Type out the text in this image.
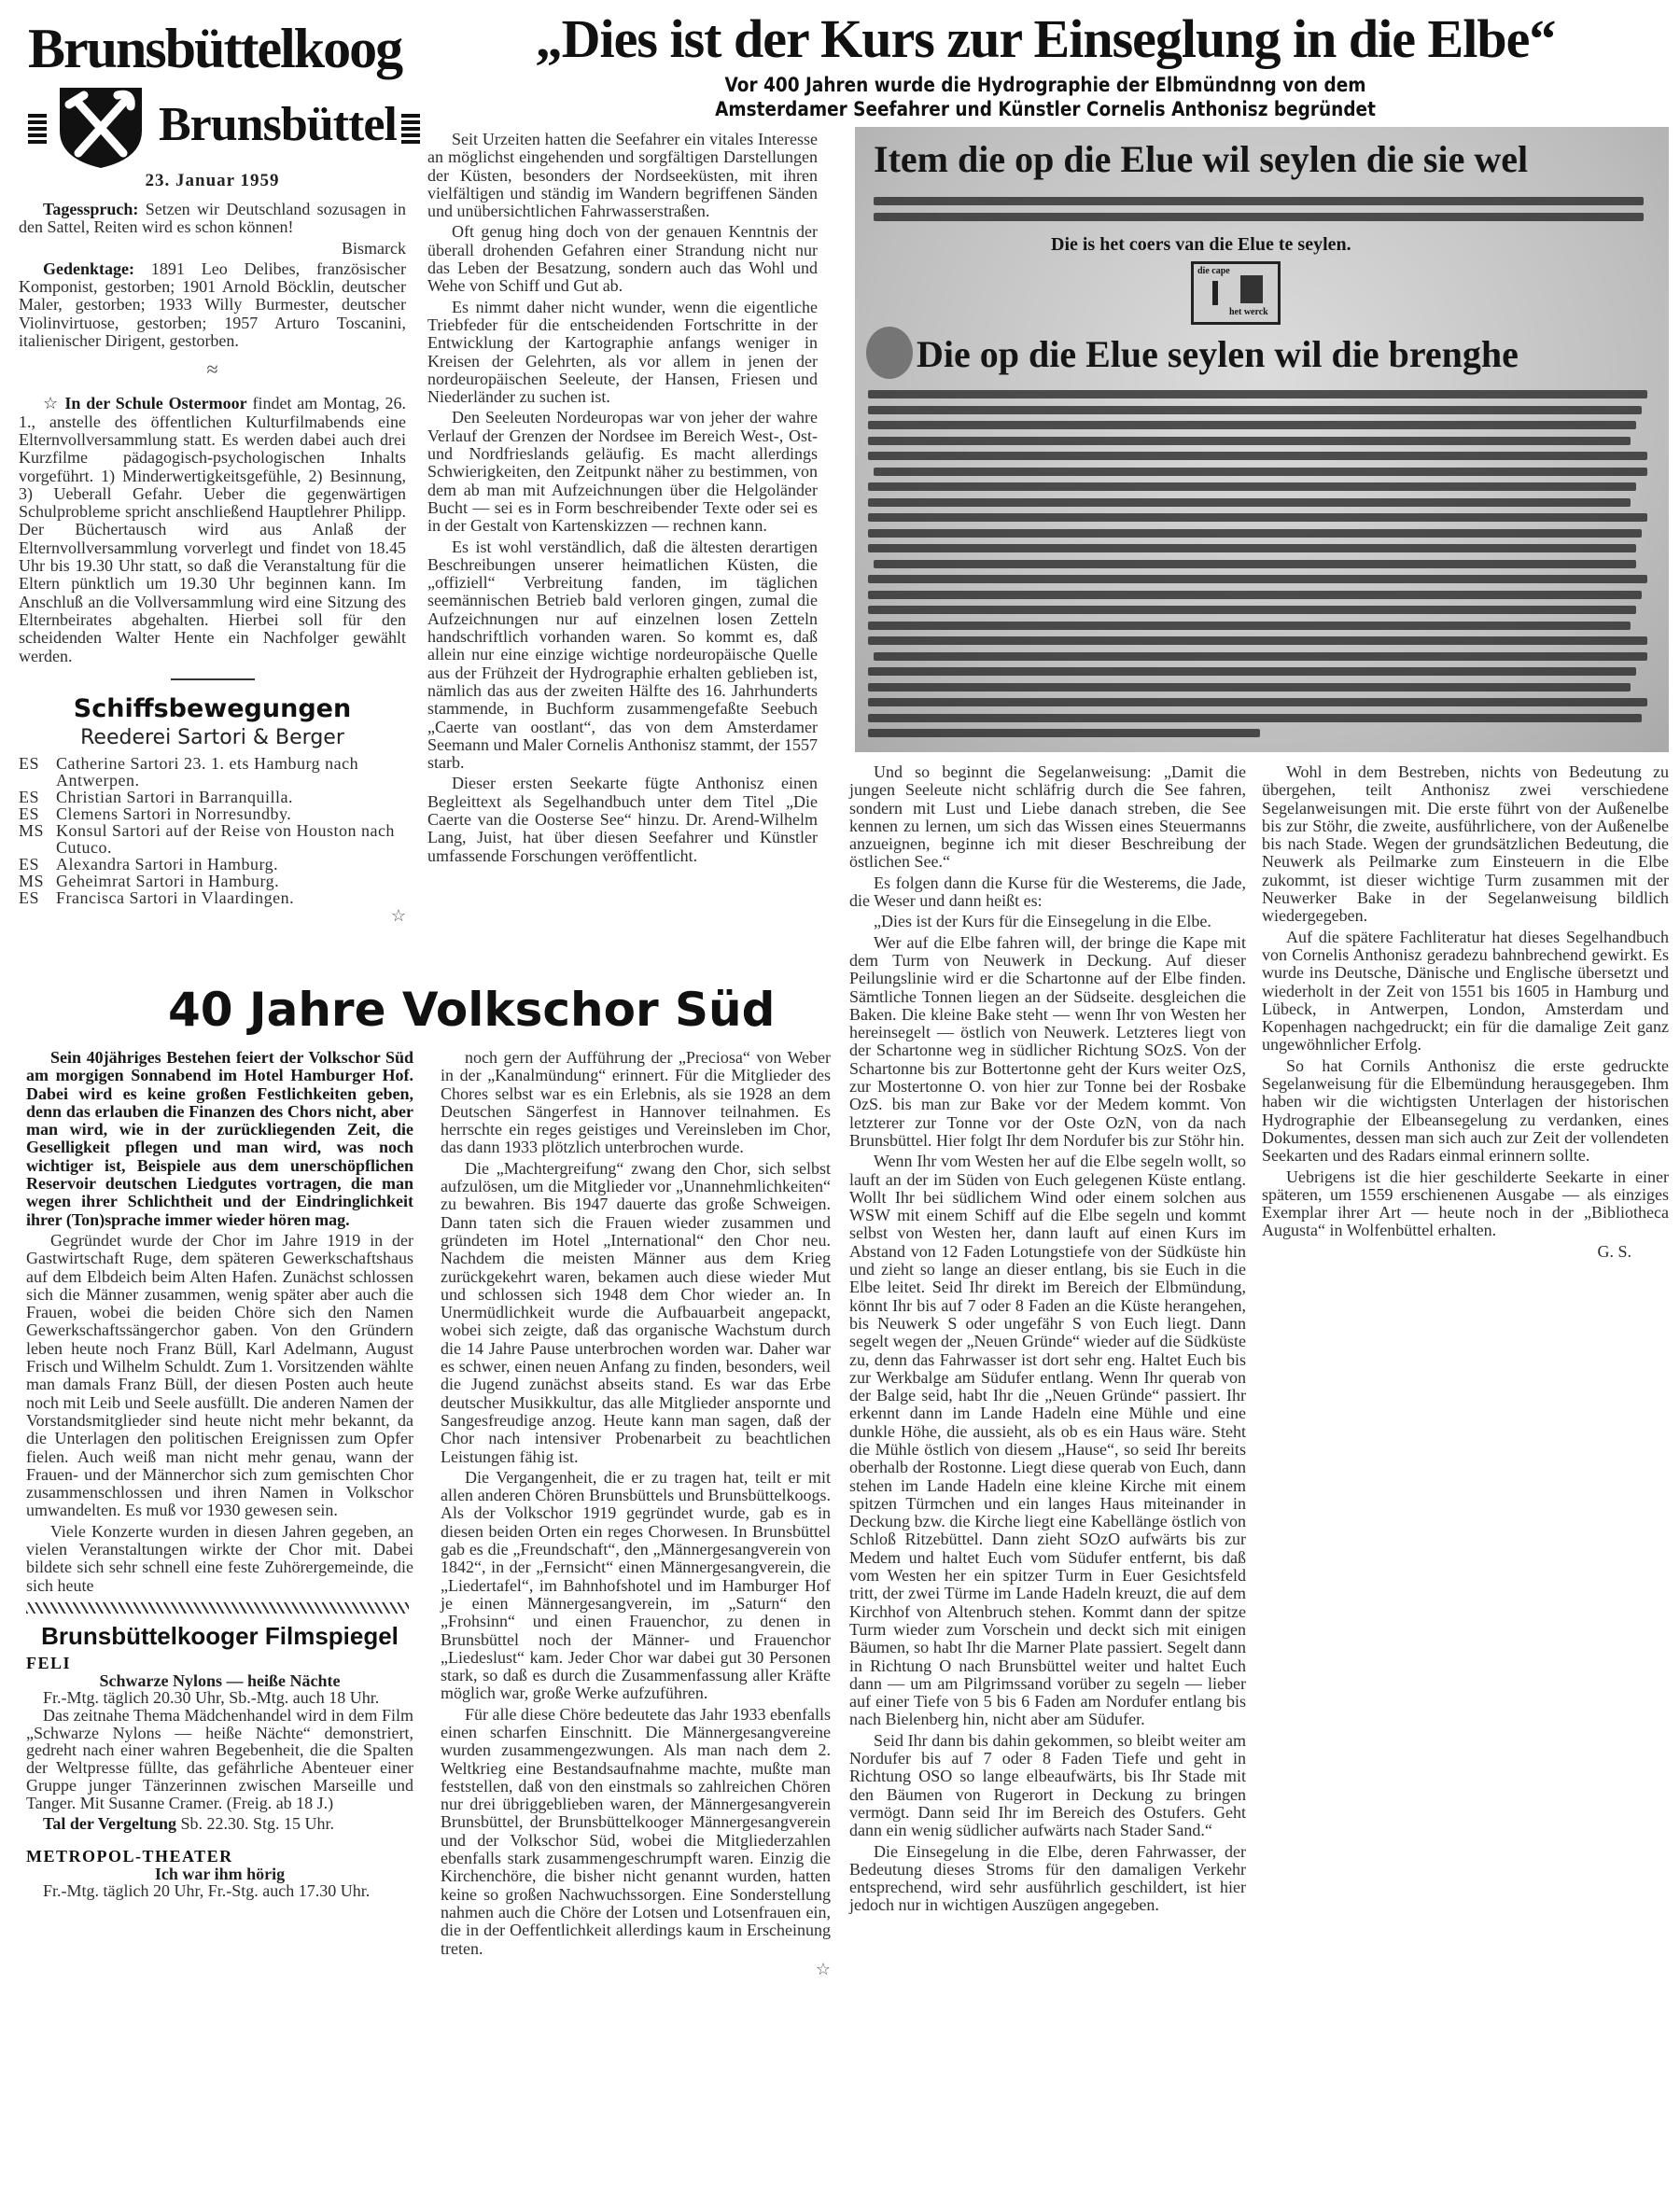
Brunsbüttelkoog
Brunsbüttel
23. Januar 1959

Tagesspruch: Setzen wir Deutschland sozusagen in den Sattel, Reiten wird es schon können!

Bismarck

Gedenktage: 1891 Leo Delibes, französischer Komponist, gestorben; 1901 Arnold Böcklin, deutscher Maler, gestorben; 1933 Willy Burmester, deutscher Violinvirtuose, gestorben; 1957 Arturo Toscanini, italienischer Dirigent, gestorben.

≈

☆ In der Schule Ostermoor findet am Montag, 26. 1., anstelle des öffentlichen Kulturfilmabends eine Elternvollversammlung statt. Es werden dabei auch drei Kurzfilme pädagogisch-psychologischen Inhalts vorgeführt. 1) Minderwertigkeitsgefühle, 2) Besinnung, 3) Ueberall Gefahr. Ueber die gegenwärtigen Schulprobleme spricht anschließend Hauptlehrer Philipp. Der Büchertausch wird aus Anlaß der Elternvollversammlung vorverlegt und findet von 18.45 Uhr bis 19.30 Uhr statt, so daß die Veranstaltung für die Eltern pünktlich um 19.30 Uhr beginnen kann. Im Anschluß an die Vollversammlung wird eine Sitzung des Elternbeirates abgehalten. Hierbei soll für den scheidenden Walter Hente ein Nachfolger gewählt werden.

Schiffsbewegungen
Reederei Sartori & Berger
ES Catherine Sartori 23. 1. ets Hamburg nach Antwerpen.
ES Christian Sartori in Barranquilla.
ES Clemens Sartori in Norresundby.
MS Konsul Sartori auf der Reise von Houston nach Cutuco.
ES Alexandra Sartori in Hamburg.
MS Geheimrat Sartori in Hamburg.
ES Francisca Sartori in Vlaardingen.
☆
„Dies ist der Kurs zur Einseglung in die Elbe“
Vor 400 Jahren wurde die Hydrographie der Elbmündnng von dem
Amsterdamer Seefahrer und Künstler Cornelis Anthonisz begründet

Seit Urzeiten hatten die Seefahrer ein vitales Interesse an möglichst eingehenden und sorgfältigen Darstellungen der Küsten, besonders der Nordseeküsten, mit ihren vielfältigen und ständig im Wandern begriffenen Sänden und unübersichtlichen Fahrwasserstraßen.

Oft genug hing doch von der genauen Kenntnis der überall drohenden Gefahren einer Strandung nicht nur das Leben der Besatzung, sondern auch das Wohl und Wehe von Schiff und Gut ab.

Es nimmt daher nicht wunder, wenn die eigentliche Triebfeder für die entscheidenden Fortschritte in der Entwicklung der Kartographie anfangs weniger in Kreisen der Gelehrten, als vor allem in jenen der nordeuropäischen Seeleute, der Hansen, Friesen und Niederländer zu suchen ist.

Den Seeleuten Nordeuropas war von jeher der wahre Verlauf der Grenzen der Nordsee im Bereich West-, Ost- und Nordfrieslands geläufig. Es macht allerdings Schwierigkeiten, den Zeitpunkt näher zu bestimmen, von dem ab man mit Aufzeichnungen über die Helgoländer Bucht — sei es in Form beschreibender Texte oder sei es in der Gestalt von Kartenskizzen — rechnen kann.

Es ist wohl verständlich, daß die ältesten derartigen Beschreibungen unserer heimatlichen Küsten, die „offiziell“ Verbreitung fanden, im täglichen seemännischen Betrieb bald verloren gingen, zumal die Aufzeichnungen nur auf einzelnen losen Zetteln handschriftlich vorhanden waren. So kommt es, daß allein nur eine einzige wichtige nordeuropäische Quelle aus der Frühzeit der Hydrographie erhalten geblieben ist, nämlich das aus der zweiten Hälfte des 16. Jahrhunderts stammende, in Buchform zusammengefaßte Seebuch „Caerte van oostlant“, das von dem Amsterdamer Seemann und Maler Cornelis Anthonisz stammt, der 1557 starb.

Dieser ersten Seekarte fügte Anthonisz einen Begleittext als Segelhandbuch unter dem Titel „Die Caerte van die Oosterse See“ hinzu. Dr. Arend-Wilhelm Lang, Juist, hat über diesen Seefahrer und Künstler umfassende Forschungen veröffentlicht.

Item die op die Elue wil seylen die sie wel
Die is het coers van die Elue te seylen.
die cape
het werck
Die op die Elue seylen wil die brenghe

Und so beginnt die Segelanweisung: „Damit die jungen Seeleute nicht schläfrig durch die See fahren, sondern mit Lust und Liebe danach streben, die See kennen zu lernen, um sich das Wissen eines Steuermanns anzueignen, beginne ich mit dieser Beschreibung der östlichen See.“

Es folgen dann die Kurse für die Westerems, die Jade, die Weser und dann heißt es:

„Dies ist der Kurs für die Einsegelung in die Elbe.

Wer auf die Elbe fahren will, der bringe die Kape mit dem Turm von Neuwerk in Deckung. Auf dieser Peilungslinie wird er die Schartonne auf der Elbe finden. Sämtliche Tonnen liegen an der Südseite. desgleichen die Baken. Die kleine Bake steht — wenn Ihr von Westen her hereinsegelt — östlich von Neuwerk. Letzteres liegt von der Schartonne weg in südlicher Richtung SOzS. Von der Schartonne bis zur Bottertonne geht der Kurs weiter OzS, zur Mostertonne O. von hier zur Tonne bei der Rosbake OzS. bis man zur Bake vor der Medem kommt. Von letzterer zur Tonne vor der Oste OzN, von da nach Brunsbüttel. Hier folgt Ihr dem Nordufer bis zur Stöhr hin.

Wenn Ihr vom Westen her auf die Elbe segeln wollt, so lauft an der im Süden von Euch gelegenen Küste entlang. Wollt Ihr bei südlichem Wind oder einem solchen aus WSW mit einem Schiff auf die Elbe segeln und kommt selbst von Westen her, dann lauft auf einen Kurs im Abstand von 12 Faden Lotungstiefe von der Südküste hin und zieht so lange an dieser entlang, bis sie Euch in die Elbe leitet. Seid Ihr direkt im Bereich der Elbmündung, könnt Ihr bis auf 7 oder 8 Faden an die Küste herangehen, bis Neuwerk S oder ungefähr S von Euch liegt. Dann segelt wegen der „Neuen Gründe“ wieder auf die Südküste zu, denn das Fahrwasser ist dort sehr eng. Haltet Euch bis zur Werkbalge am Südufer entlang. Wenn Ihr querab von der Balge seid, habt Ihr die „Neuen Gründe“ passiert. Ihr erkennt dann im Lande Hadeln eine Mühle und eine dunkle Höhe, die aussieht, als ob es ein Haus wäre. Steht die Mühle östlich von diesem „Hause“, so seid Ihr bereits oberhalb der Rostonne. Liegt diese querab von Euch, dann stehen im Lande Hadeln eine kleine Kirche mit einem spitzen Türmchen und ein langes Haus miteinander in Deckung bzw. die Kirche liegt eine Kabellänge östlich von Schloß Ritzebüttel. Dann zieht SOzO aufwärts bis zur Medem und haltet Euch vom Südufer entfernt, bis daß vom Westen her ein spitzer Turm in Euer Gesichtsfeld tritt, der zwei Türme im Lande Hadeln kreuzt, die auf dem Kirchhof von Altenbruch stehen. Kommt dann der spitze Turm wieder zum Vorschein und deckt sich mit einigen Bäumen, so habt Ihr die Marner Plate passiert. Segelt dann in Richtung O nach Brunsbüttel weiter und haltet Euch dann — um am Pilgrimssand vorüber zu segeln — lieber auf einer Tiefe von 5 bis 6 Faden am Nordufer entlang bis nach Bielenberg hin, nicht aber am Südufer.

Seid Ihr dann bis dahin gekommen, so bleibt weiter am Nordufer bis auf 7 oder 8 Faden Tiefe und geht in Richtung OSO so lange elbeaufwärts, bis Ihr Stade mit den Bäumen von Rugerort in Deckung zu bringen vermögt. Dann seid Ihr im Bereich des Ostufers. Geht dann ein wenig südlicher aufwärts nach Stader Sand.“

Die Einsegelung in die Elbe, deren Fahrwasser, der Bedeutung dieses Stroms für den damaligen Verkehr entsprechend, wird sehr ausführlich geschildert, ist hier jedoch nur in wichtigen Auszügen angegeben.

Wohl in dem Bestreben, nichts von Bedeutung zu übergehen, teilt Anthonisz zwei verschiedene Segelanweisungen mit. Die erste führt von der Außenelbe bis zur Stöhr, die zweite, ausführlichere, von der Außenelbe bis nach Stade. Wegen der grundsätzlichen Bedeutung, die Neuwerk als Peilmarke zum Einsteuern in die Elbe zukommt, ist dieser wichtige Turm zusammen mit der Neuwerker Bake in der Segelanweisung bildlich wiedergegeben.

Auf die spätere Fachliteratur hat dieses Segelhandbuch von Cornelis Anthonisz geradezu bahnbrechend gewirkt. Es wurde ins Deutsche, Dänische und Englische übersetzt und wiederholt in der Zeit von 1551 bis 1605 in Hamburg und Lübeck, in Antwerpen, London, Amsterdam und Kopenhagen nachgedruckt; ein für die damalige Zeit ganz ungewöhnlicher Erfolg.

So hat Cornils Anthonisz die erste gedruckte Segelanweisung für die Elbemündung herausgegeben. Ihm haben wir die wichtigsten Unterlagen der historischen Hydrographie der Elbeansegelung zu verdanken, eines Dokumentes, dessen man sich auch zur Zeit der vollendeten Seekarten und des Radars einmal erinnern sollte.

Uebrigens ist die hier geschilderte Seekarte in einer späteren, um 1559 erschienenen Ausgabe — als einziges Exemplar ihrer Art — heute noch in der „Bibliotheca Augusta“ in Wolfenbüttel erhalten.

G. S.
40 Jahre Volkschor Süd

Sein 40jähriges Bestehen feiert der Volkschor Süd am morgigen Sonnabend im Hotel Hamburger Hof. Dabei wird es keine großen Festlichkeiten geben, denn das erlauben die Finanzen des Chors nicht, aber man wird, wie in der zurückliegenden Zeit, die Geselligkeit pflegen und man wird, was noch wichtiger ist, Beispiele aus dem unerschöpflichen Reservoir deutschen Liedgutes vortragen, die man wegen ihrer Schlichtheit und der Eindringlichkeit ihrer (Ton)sprache immer wieder hören mag.

Gegründet wurde der Chor im Jahre 1919 in der Gastwirtschaft Ruge, dem späteren Gewerkschaftshaus auf dem Elbdeich beim Alten Hafen. Zunächst schlossen sich die Männer zusammen, wenig später aber auch die Frauen, wobei die beiden Chöre sich den Namen Gewerkschaftssängerchor gaben. Von den Gründern leben heute noch Franz Büll, Karl Adelmann, August Frisch und Wilhelm Schuldt. Zum 1. Vorsitzenden wählte man damals Franz Büll, der diesen Posten auch heute noch mit Leib und Seele ausfüllt. Die anderen Namen der Vorstandsmitglieder sind heute nicht mehr bekannt, da die Unterlagen den politischen Ereignissen zum Opfer fielen. Auch weiß man nicht mehr genau, wann der Frauen- und der Männerchor sich zum gemischten Chor zusammenschlossen und ihren Namen in Volkschor umwandelten. Es muß vor 1930 gewesen sein.

Viele Konzerte wurden in diesen Jahren gegeben, an vielen Veranstaltungen wirkte der Chor mit. Dabei bildete sich sehr schnell eine feste Zuhörergemeinde, die sich heute

Brunsbüttelkooger Filmspiegel
FELI
Schwarze Nylons — heiße Nächte

Fr.-Mtg. täglich 20.30 Uhr, Sb.-Mtg. auch 18 Uhr.

Das zeitnahe Thema Mädchenhandel wird in dem Film „Schwarze Nylons — heiße Nächte“ demonstriert, gedreht nach einer wahren Begebenheit, die die Spalten der Weltpresse füllte, das gefährliche Abenteuer einer Gruppe junger Tänzerinnen zwischen Marseille und Tanger. Mit Susanne Cramer. (Freig. ab 18 J.)

Tal der Vergeltung Sb. 22.30. Stg. 15 Uhr.

METROPOL-THEATER
Ich war ihm hörig

Fr.-Mtg. täglich 20 Uhr, Fr.-Stg. auch 17.30 Uhr.

noch gern der Aufführung der „Preciosa“ von Weber in der „Kanalmündung“ erinnert. Für die Mitglieder des Chores selbst war es ein Erlebnis, als sie 1928 an dem Deutschen Sängerfest in Hannover teilnahmen. Es herrschte ein reges geistiges und Vereinsleben im Chor, das dann 1933 plötzlich unterbrochen wurde.

Die „Machtergreifung“ zwang den Chor, sich selbst aufzulösen, um die Mitglieder vor „Unannehmlichkeiten“ zu bewahren. Bis 1947 dauerte das große Schweigen. Dann taten sich die Frauen wieder zusammen und gründeten im Hotel „International“ den Chor neu. Nachdem die meisten Männer aus dem Krieg zurückgekehrt waren, bekamen auch diese wieder Mut und schlossen sich 1948 dem Chor wieder an. In Unermüdlichkeit wurde die Aufbauarbeit angepackt, wobei sich zeigte, daß das organische Wachstum durch die 14 Jahre Pause unterbrochen worden war. Daher war es schwer, einen neuen Anfang zu finden, besonders, weil die Jugend zunächst abseits stand. Es war das Erbe deutscher Musikkultur, das alle Mitglieder anspornte und Sangesfreudige anzog. Heute kann man sagen, daß der Chor nach intensiver Probenarbeit zu beachtlichen Leistungen fähig ist.

Die Vergangenheit, die er zu tragen hat, teilt er mit allen anderen Chören Brunsbüttels und Brunsbüttelkoogs. Als der Volkschor 1919 gegründet wurde, gab es in diesen beiden Orten ein reges Chorwesen. In Brunsbüttel gab es die „Freundschaft“, den „Männergesangverein von 1842“, in der „Fernsicht“ einen Männergesangverein, die „Liedertafel“, im Bahnhofshotel und im Hamburger Hof je einen Männergesangverein, im „Saturn“ den „Frohsinn“ und einen Frauenchor, zu denen in Brunsbüttel noch der Männer- und Frauenchor „Liedeslust“ kam. Jeder Chor war dabei gut 30 Personen stark, so daß es durch die Zusammenfassung aller Kräfte möglich war, große Werke aufzuführen.

Für alle diese Chöre bedeutete das Jahr 1933 ebenfalls einen scharfen Einschnitt. Die Männergesangvereine wurden zusammengezwungen. Als man nach dem 2. Weltkrieg eine Bestandsaufnahme machte, mußte man feststellen, daß von den einstmals so zahlreichen Chören nur drei übriggeblieben waren, der Männergesangverein Brunsbüttel, der Brunsbüttelkooger Männergesangverein und der Volkschor Süd, wobei die Mitgliederzahlen ebenfalls stark zusammengeschrumpft waren. Einzig die Kirchenchöre, die bisher nicht genannt wurden, hatten keine so großen Nachwuchssorgen. Eine Sonderstellung nahmen auch die Chöre der Lotsen und Lotsenfrauen ein, die in der Oeffentlichkeit allerdings kaum in Erscheinung treten.

☆
